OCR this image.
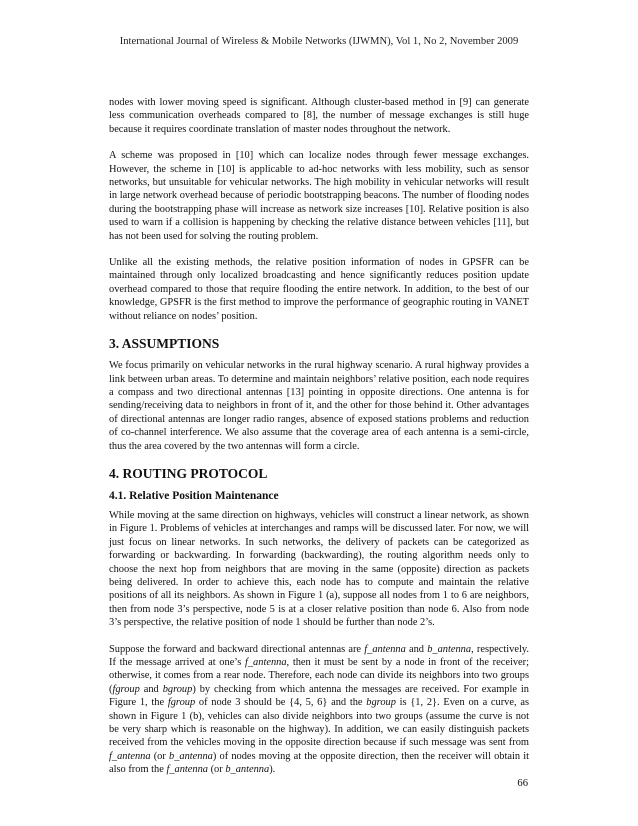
International Journal of Wireless & Mobile Networks (IJWMN), Vol 1, No 2, November 2009

nodes with lower moving speed is significant. Although cluster-based method in [9] can generate less communication overheads compared to [8], the number of message exchanges is still huge because it requires coordinate translation of master nodes throughout the network.

A scheme was proposed in [10] which can localize nodes through fewer message exchanges. However, the scheme in [10] is applicable to ad-hoc networks with less mobility, such as sensor networks, but unsuitable for vehicular networks. The high mobility in vehicular networks will result in large network overhead because of periodic bootstrapping beacons. The number of flooding nodes during the bootstrapping phase will increase as network size increases [10]. Relative position is also used to warn if a collision is happening by checking the relative distance between vehicles [11], but has not been used for solving the routing problem.

Unlike all the existing methods, the relative position information of nodes in GPSFR can be maintained through only localized broadcasting and hence significantly reduces position update overhead compared to those that require flooding the entire network. In addition, to the best of our knowledge, GPSFR is the first method to improve the performance of geographic routing in VANET without reliance on nodes’ position.

3. ASSUMPTIONS

We focus primarily on vehicular networks in the rural highway scenario. A rural highway provides a link between urban areas. To determine and maintain neighbors’ relative position, each node requires a compass and two directional antennas [13] pointing in opposite directions. One antenna is for sending/receiving data to neighbors in front of it, and the other for those behind it. Other advantages of directional antennas are longer radio ranges, absence of exposed stations problems and reduction of co-channel interference. We also assume that the coverage area of each antenna is a semi-circle, thus the area covered by the two antennas will form a circle.

4. ROUTING PROTOCOL
4.1. Relative Position Maintenance

While moving at the same direction on highways, vehicles will construct a linear network, as shown in Figure 1. Problems of vehicles at interchanges and ramps will be discussed later. For now, we will just focus on linear networks. In such networks, the delivery of packets can be categorized as forwarding or backwarding. In forwarding (backwarding), the routing algorithm needs only to choose the next hop from neighbors that are moving in the same (opposite) direction as packets being delivered. In order to achieve this, each node has to compute and maintain the relative positions of all its neighbors. As shown in Figure 1 (a), suppose all nodes from 1 to 6 are neighbors, then from node 3’s perspective, node 5 is at a closer relative position than node 6. Also from node 3’s perspective, the relative position of node 1 should be further than node 2’s.

Suppose the forward and backward directional antennas are f_antenna and b_antenna, respectively. If the message arrived at one’s f_antenna, then it must be sent by a node in front of the receiver; otherwise, it comes from a rear node. Therefore, each node can divide its neighbors into two groups (fgroup and bgroup) by checking from which antenna the messages are received. For example in Figure 1, the fgroup of node 3 should be {4, 5, 6} and the bgroup is {1, 2}. Even on a curve, as shown in Figure 1 (b), vehicles can also divide neighbors into two groups (assume the curve is not be very sharp which is reasonable on the highway). In addition, we can easily distinguish packets received from the vehicles moving in the opposite direction because if such message was sent from f_antenna (or b_antenna) of nodes moving at the opposite direction, then the receiver will obtain it also from the f_antenna (or b_antenna).

66
